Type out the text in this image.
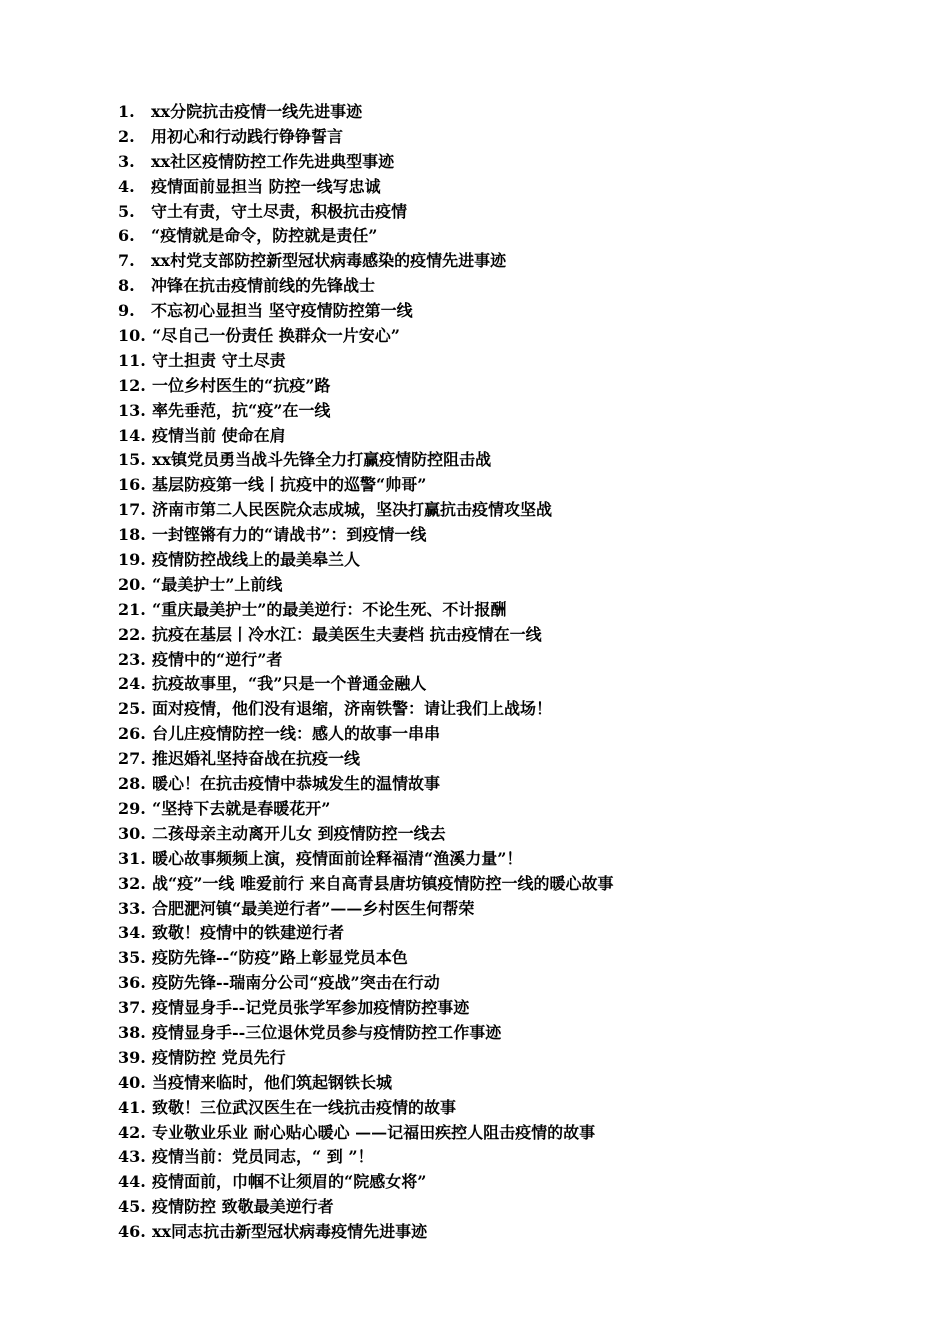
1. xx分院抗击疫情一线先进事迹
2. 用初心和行动践行铮铮誓言
3. xx社区疫情防控工作先进典型事迹
4. 疫情面前显担当 防控一线写忠诚
5. 守土有责，守土尽责，积极抗击疫情
6. “疫情就是命令，防控就是责任”
7. xx村党支部防控新型冠状病毒感染的疫情先进事迹
8. 冲锋在抗击疫情前线的先锋战士
9. 不忘初心显担当 坚守疫情防控第一线
10. “尽自己一份责任 换群众一片安心”
11. 守土担责 守土尽责
12. 一位乡村医生的“抗疫”路
13. 率先垂范，抗“疫”在一线
14. 疫情当前 使命在肩
15. xx镇党员勇当战斗先锋全力打赢疫情防控阻击战
16. 基层防疫第一线丨抗疫中的巡警“帅哥”
17. 济南市第二人民医院众志成城，坚决打赢抗击疫情攻坚战
18. 一封铿锵有力的“请战书”：到疫情一线
19. 疫情防控战线上的最美皋兰人
20. “最美护士”上前线
21. “重庆最美护士”的最美逆行：不论生死、不计报酬
22. 抗疫在基层丨冷水江：最美医生夫妻档 抗击疫情在一线
23. 疫情中的“逆行”者
24. 抗疫故事里，“我”只是一个普通金融人
25. 面对疫情，他们没有退缩，济南铁警：请让我们上战场！
26. 台儿庄疫情防控一线：感人的故事一串串
27. 推迟婚礼坚持奋战在抗疫一线
28. 暖心！在抗击疫情中恭城发生的温情故事
29. “坚持下去就是春暖花开”
30. 二孩母亲主动离开儿女 到疫情防控一线去
31. 暖心故事频频上演，疫情面前诠释福清“渔溪力量”！
32. 战“疫”一线 唯爱前行 来自高青县唐坊镇疫情防控一线的暖心故事
33. 合肥淝河镇“最美逆行者”——乡村医生何帮荣
34. 致敬！疫情中的铁建逆行者
35. 疫防先锋--“防疫”路上彰显党员本色
36. 疫防先锋--瑞南分公司“疫战”突击在行动
37. 疫情显身手--记党员张学军参加疫情防控事迹
38. 疫情显身手--三位退休党员参与疫情防控工作事迹
39. 疫情防控 党员先行
40. 当疫情来临时，他们筑起钢铁长城
41. 致敬！三位武汉医生在一线抗击疫情的故事
42. 专业敬业乐业 耐心贴心暖心 ——记福田疾控人阻击疫情的故事
43. 疫情当前：党员同志，“ 到 ”！
44. 疫情面前，巾帼不让须眉的“院感女将”
45. 疫情防控 致敬最美逆行者
46. xx同志抗击新型冠状病毒疫情先进事迹
